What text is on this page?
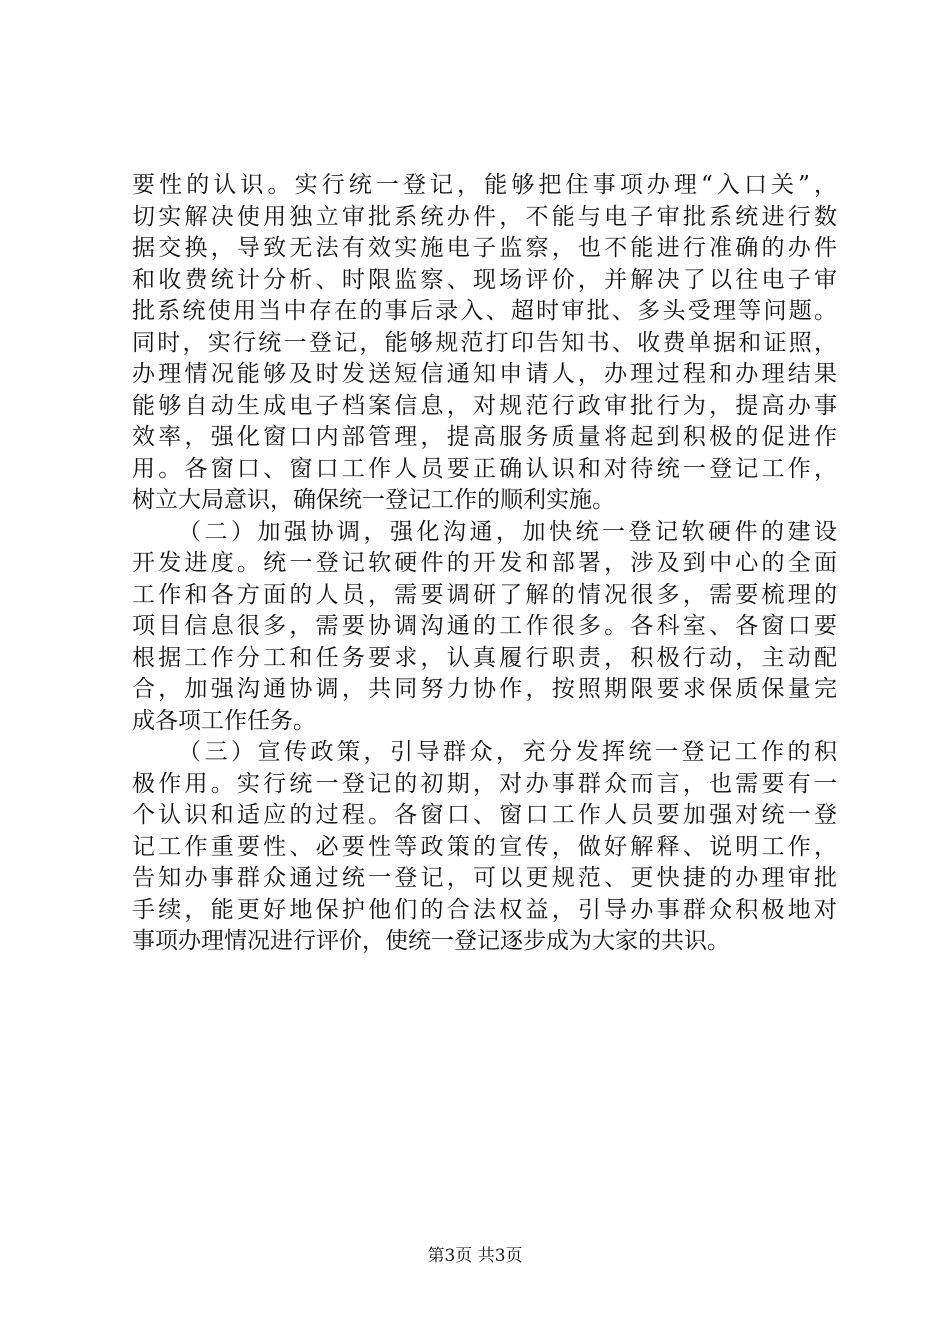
要性的认识。实行统一登记，能够把住事项办理“入口关”，
切实解决使用独立审批系统办件，不能与电子审批系统进行数
据交换，导致无法有效实施电子监察，也不能进行准确的办件
和收费统计分析、时限监察、现场评价，并解决了以往电子审
批系统使用当中存在的事后录入、超时审批、多头受理等问题。
同时，实行统一登记，能够规范打印告知书、收费单据和证照，
办理情况能够及时发送短信通知申请人，办理过程和办理结果
能够自动生成电子档案信息，对规范行政审批行为，提高办事
效率，强化窗口内部管理，提高服务质量将起到积极的促进作
用。各窗口、窗口工作人员要正确认识和对待统一登记工作，
树立大局意识，确保统一登记工作的顺利实施。
（二）加强协调，强化沟通，加快统一登记软硬件的建设
开发进度。统一登记软硬件的开发和部署，涉及到中心的全面
工作和各方面的人员，需要调研了解的情况很多，需要梳理的
项目信息很多，需要协调沟通的工作很多。各科室、各窗口要
根据工作分工和任务要求，认真履行职责，积极行动，主动配
合，加强沟通协调，共同努力协作，按照期限要求保质保量完
成各项工作任务。
（三）宣传政策，引导群众，充分发挥统一登记工作的积
极作用。实行统一登记的初期，对办事群众而言，也需要有一
个认识和适应的过程。各窗口、窗口工作人员要加强对统一登
记工作重要性、必要性等政策的宣传，做好解释、说明工作，
告知办事群众通过统一登记，可以更规范、更快捷的办理审批
手续，能更好地保护他们的合法权益，引导办事群众积极地对
事项办理情况进行评价，使统一登记逐步成为大家的共识。
第3页 共3页
